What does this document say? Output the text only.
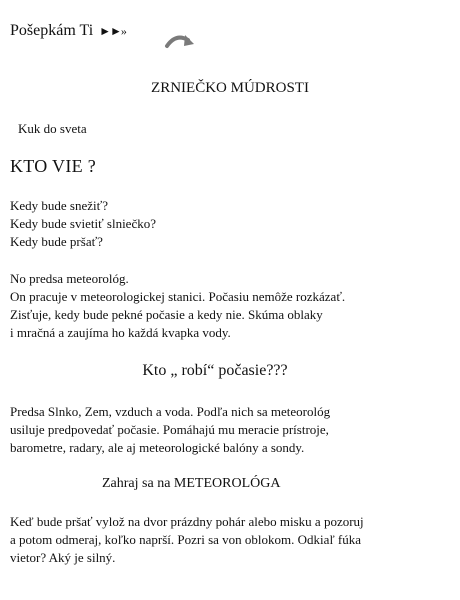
Pošepkám Ti ►►»
ZRNIEČKO MÚDROSTI
Kuk do sveta
KTO VIE ?
Kedy bude snežiť?
Kedy bude svietiť slniečko?
Kedy bude pršať?
No predsa meteorológ.
On pracuje v meteorologickej stanici. Počasiu nemôže rozkázať.
Zisťuje, kedy bude pekné počasie a kedy nie. Skúma oblaky
i mračná a zaujíma ho každá kvapka vody.
Kto „ robí“ počasie???
Predsa Slnko, Zem, vzduch a voda. Podľa nich sa meteorológ
usiluje predpovedať počasie. Pomáhajú mu meracie prístroje,
barometre, radary, ale aj meteorologické balóny a sondy.
Zahraj sa na METEOROLÓGA
Keď bude pršať vylož na dvor prázdny pohár alebo misku a pozoruj
a potom odmeraj, koľko naprší. Pozri sa von oblokom. Odkiaľ fúka
vietor? Aký je silný.
